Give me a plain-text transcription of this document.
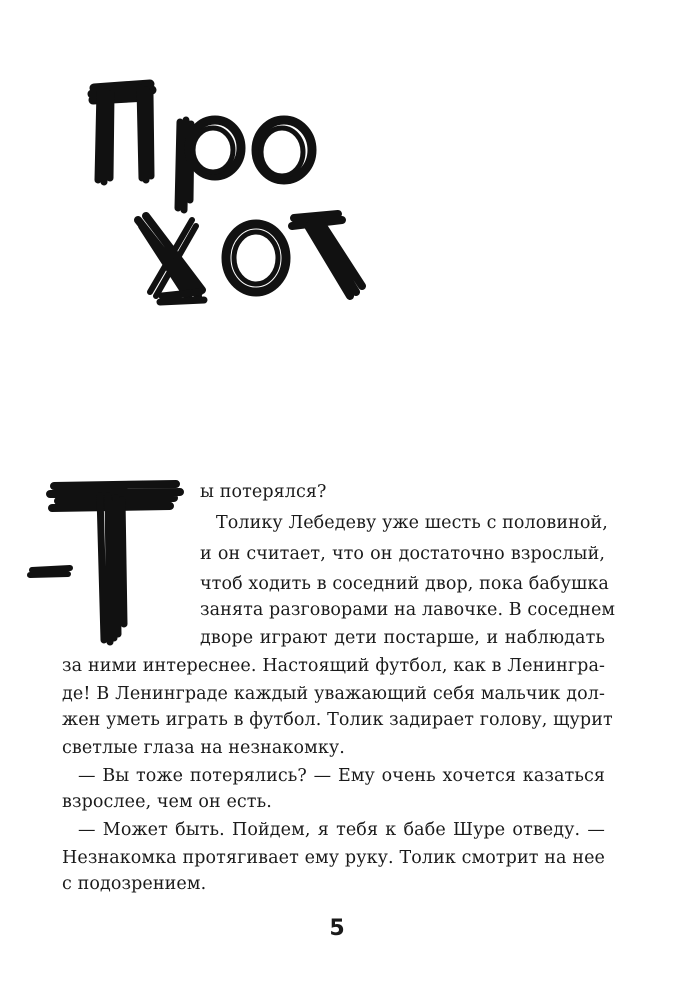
ы потерялся?
Толику Лебедеву уже шесть с половиной,
и он считает, что он достаточно взрослый,
чтоб ходить в соседний двор, пока бабушка
занята разговорами на лавочке. В соседнем
дворе играют дети постарше, и наблюдать
за ними интереснее. Настоящий футбол, как в Ленингра-
де! В Ленинграде каждый уважающий себя мальчик дол-
жен уметь играть в футбол. Толик задирает голову, щурит
светлые глаза на незнакомку.
— Вы тоже потерялись? — Ему очень хочется казаться
взрослее, чем он есть.
— Может быть. Пойдем, я тебя к бабе Шуре отведу. —
Незнакомка протягивает ему руку. Толик смотрит на нее
с подозрением.
5
